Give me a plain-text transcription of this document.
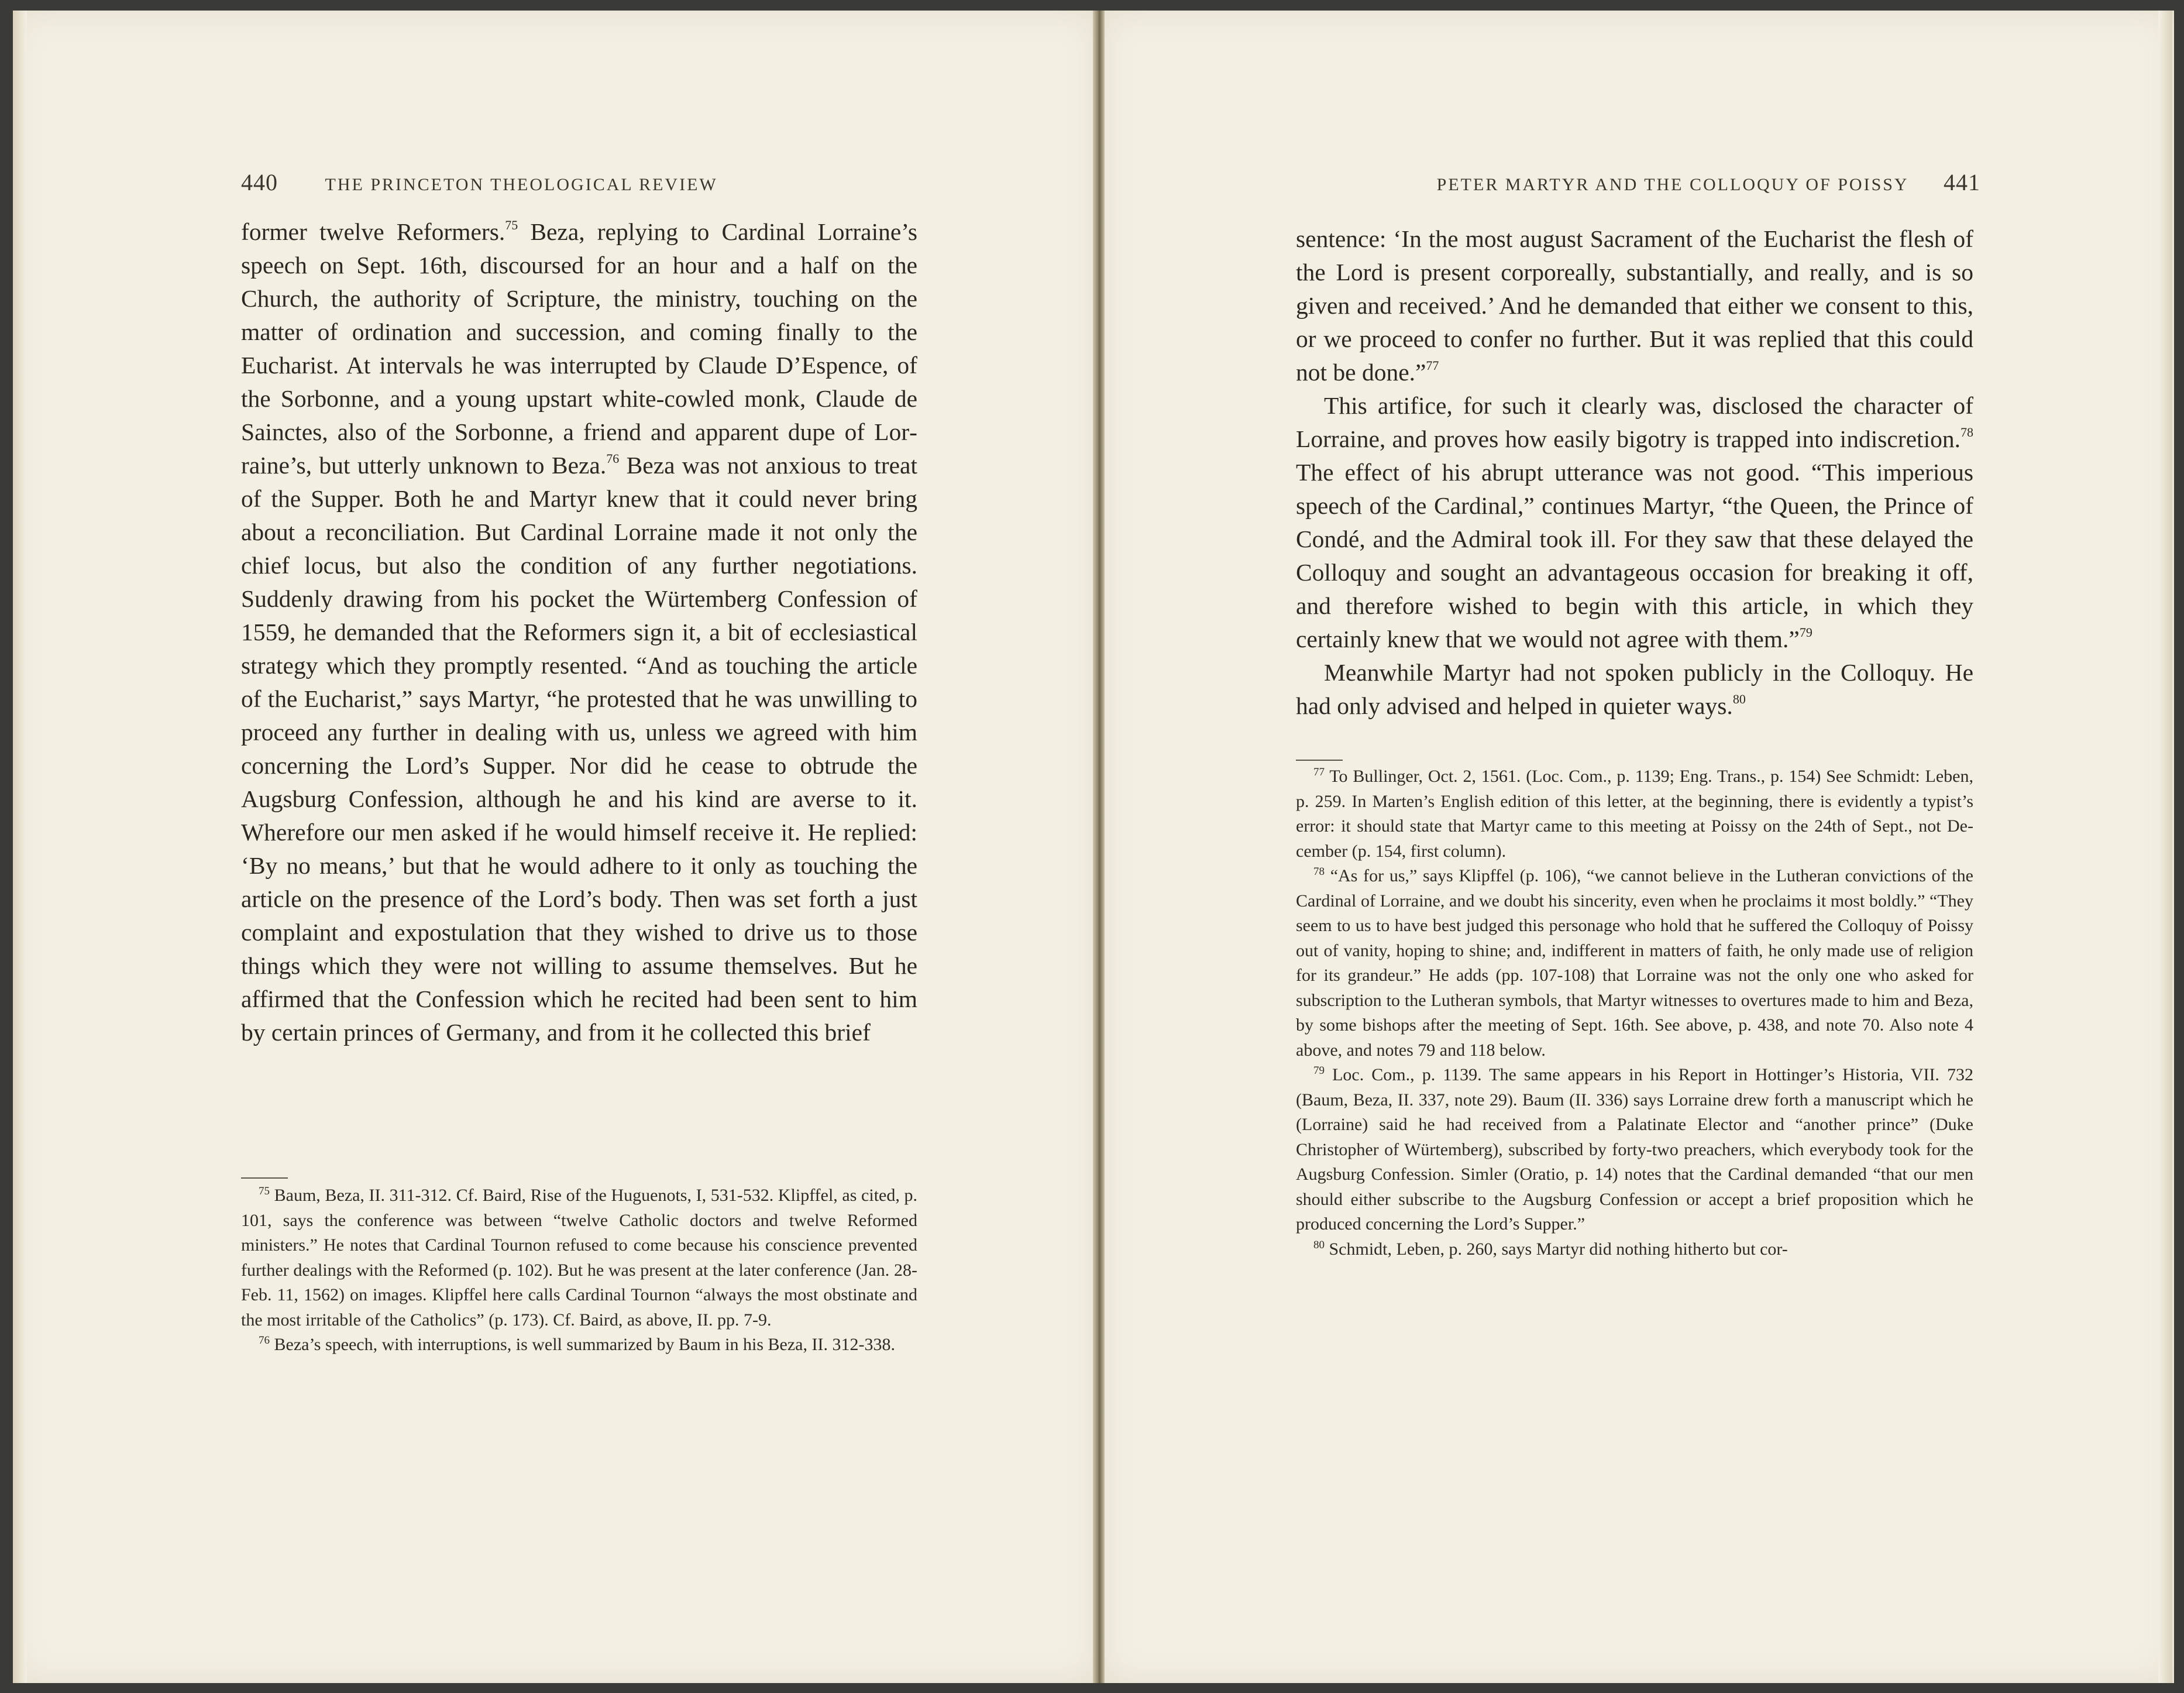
440	THE PRINCETON THEOLOGICAL REVIEW

former twelve Reformers.$^{75}$ Beza, replying to Cardinal Lorraine’s speech on Sept. 16th, discoursed for an hour and a half on the Church, the authority of Scripture, the ministry, touching on the matter of ordination and succession, and coming finally to the Eucharist. At intervals he was interrupted by Claude D’Espence, of the Sorbonne, and a young upstart white-cowled monk, Claude de Sainctes, also of the Sorbonne, a friend and apparent dupe of Lorraine’s, but utterly unknown to Beza.$^{76}$ Beza was not anxious to treat of the Supper. Both he and Martyr knew that it could never bring about a reconciliation. But Cardinal Lorraine made it not only the chief locus, but also the condition of any further negotiations. Suddenly drawing from his pocket the Würtemberg Confession of 1559, he demanded that the Reformers sign it, a bit of ecclesiastical strategy which they promptly resented. “And as touching the article of the Eucharist,” says Martyr, “he protested that he was unwilling to proceed any further in dealing with us, unless we agreed with him concerning the Lord’s Supper. Nor did he cease to obtrude the Augsburg Confession, although he and his kind are averse to it. Wherefore our men asked if he would himself receive it. He replied: ‘By no means,’ but that he would adhere to it only as touching the article on the presence of the Lord’s body. Then was set forth a just complaint and expostulation that they wished to drive us to those things which they were not willing to assume themselves. But he affirmed that the Confession which he recited had been sent to him by certain princes of Germany, and from it he collected this brief

$^{75}$ Baum, Beza, II. 311-312. Cf. Baird, Rise of the Huguenots, I, 531-532. Klipffel, as cited, p. 101, says the conference was between “twelve Catholic doctors and twelve Reformed ministers.” He notes that Cardinal Tournon refused to come because his conscience prevented further dealings with the Reformed (p. 102). But he was present at the later conference (Jan. 28-Feb. 11, 1562) on images. Klipffel here calls Cardinal Tournon “always the most obstinate and the most irritable of the Catholics” (p. 173). Cf. Baird, as above, II. pp. 7-9.

$^{76}$ Beza’s speech, with interruptions, is well summarized by Baum in his Beza, II. 312-338.

PETER MARTYR AND THE COLLOQUY OF POISSY 441

sentence: ‘In the most august Sacrament of the Eucharist the flesh of the Lord is present corporeally, substantially, and really, and is so given and received.’ And he demanded that either we consent to this, or we proceed to confer no further. But it was replied that this could not be done.”$^{77}$

This artifice, for such it clearly was, disclosed the character of Lorraine, and proves how easily bigotry is trapped into indiscretion.$^{78}$ The effect of his abrupt utterance was not good. “This imperious speech of the Cardinal,” continues Martyr, “the Queen, the Prince of Condé, and the Admiral took ill. For they saw that these delayed the Colloquy and sought an advantageous occasion for breaking it off, and therefore wished to begin with this article, in which they certainly knew that we would not agree with them.”$^{79}$

Meanwhile Martyr had not spoken publicly in the Colloquy. He had only advised and helped in quieter ways.$^{80}$

$^{77}$ To Bullinger, Oct. 2, 1561. (Loc. Com., p. 1139; Eng. Trans., p. 154) See Schmidt: Leben, p. 259. In Marten’s English edition of this letter, at the beginning, there is evidently a typist’s error: it should state that Martyr came to this meeting at Poissy on the 24th of Sept., not December (p. 154, first column).

$^{78}$ “As for us,” says Klipffel (p. 106), “we cannot believe in the Lutheran convictions of the Cardinal of Lorraine, and we doubt his sincerity, even when he proclaims it most boldly.” “They seem to us to have best judged this personage who hold that he suffered the Colloquy of Poissy out of vanity, hoping to shine; and, indifferent in matters of faith, he only made use of religion for its grandeur.” He adds (pp. 107-108) that Lorraine was not the only one who asked for subscription to the Lutheran symbols, that Martyr witnesses to overtures made to him and Beza, by some bishops after the meeting of Sept. 16th. See above, p. 438, and note 70. Also note 4 above, and notes 79 and 118 below.

$^{79}$ Loc. Com., p. 1139. The same appears in his Report in Hottinger’s Historia, VII. 732 (Baum, Beza, II. 337, note 29). Baum (II. 336) says Lorraine drew forth a manuscript which he (Lorraine) said he had received from a Palatinate Elector and “another prince” (Duke Christopher of Würtemberg), subscribed by forty-two preachers, which everybody took for the Augsburg Confession. Simler (Oratio, p. 14) notes that the Cardinal demanded “that our men should either subscribe to the Augsburg Confession or accept a brief proposition which he produced concerning the Lord’s Supper.”

$^{80}$ Schmidt, Leben, p. 260, says Martyr did nothing hitherto but cor-
